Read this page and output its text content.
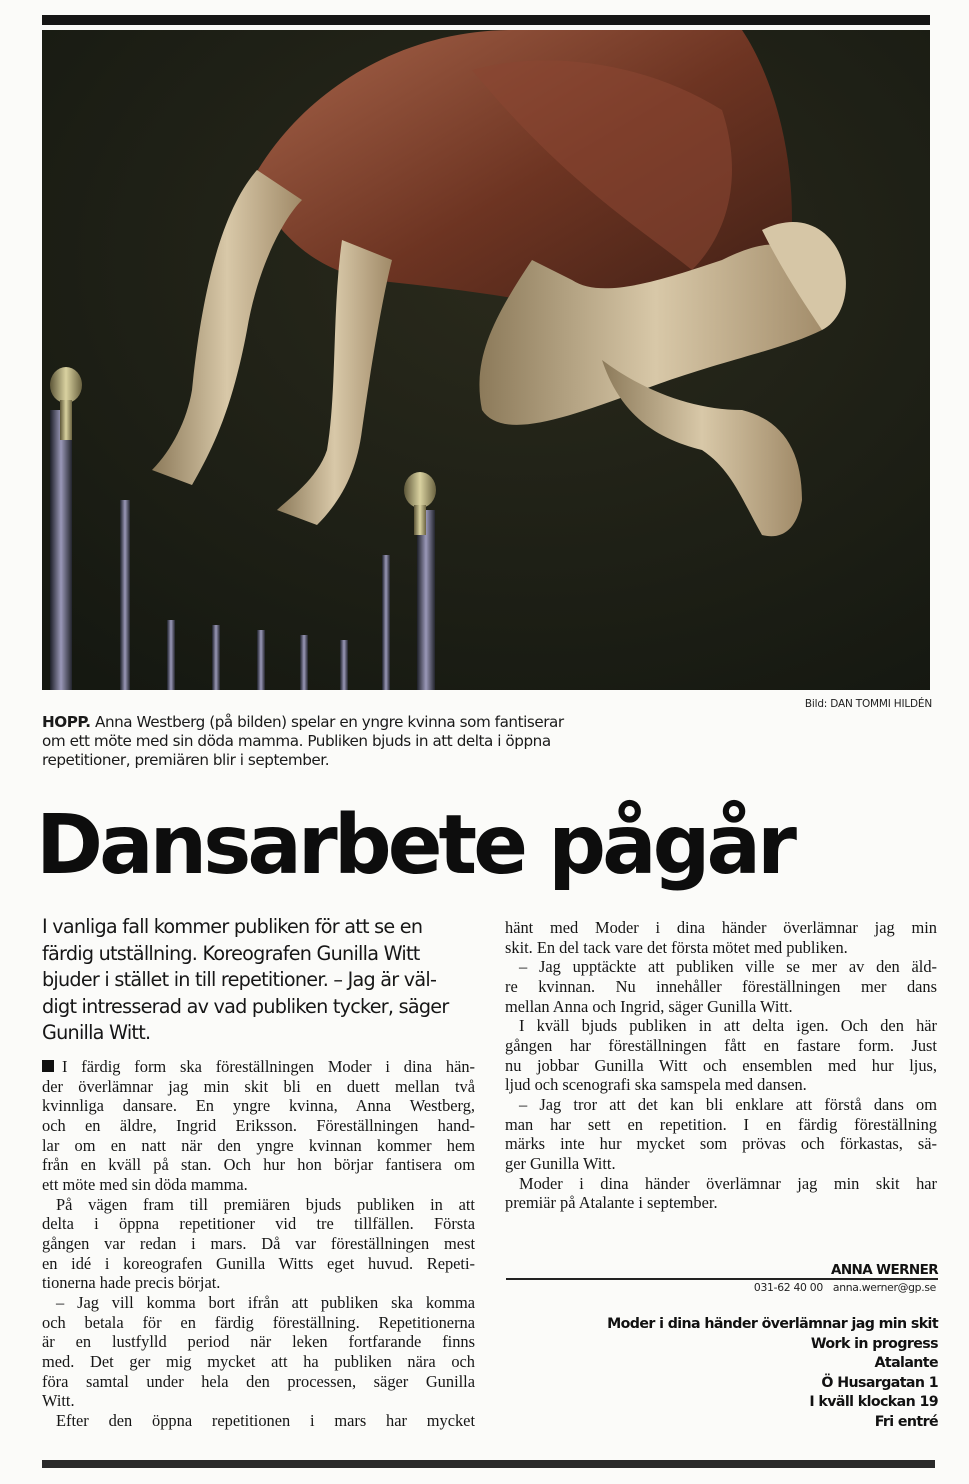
Bild: DAN TOMMI HILDÉN
HOPP. Anna Westberg (på bilden) spelar en yngre kvinna som fantiserar
om ett möte med sin döda mamma. Publiken bjuds in att delta i öppna
repetitioner, premiären blir i september.
Dansarbete pågår
I vanliga fall kommer publiken för att se en
färdig utställning. Koreografen Gunilla Witt
bjuder i stället in till repetitioner. – Jag är väl-
digt intresserad av vad publiken tycker, säger
Gunilla Witt.
I färdig form ska föreställningen Moder i dina hän-
der överlämnar jag min skit bli en duett mellan två
kvinnliga dansare. En yngre kvinna, Anna Westberg,
och en äldre, Ingrid Eriksson. Föreställningen hand-
lar om en natt när den yngre kvinnan kommer hem
från en kväll på stan. Och hur hon börjar fantisera om
ett möte med sin döda mamma.
På vägen fram till premiären bjuds publiken in att
delta i öppna repetitioner vid tre tillfällen. Första
gången var redan i mars. Då var föreställningen mest
en idé i koreografen Gunilla Witts eget huvud. Repeti-
tionerna hade precis börjat.
– Jag vill komma bort ifrån att publiken ska komma
och betala för en färdig föreställning. Repetitionerna
är en lustfylld period när leken fortfarande finns
med. Det ger mig mycket att ha publiken nära och
föra samtal under hela den processen, säger Gunilla
Witt.
Efter den öppna repetitionen i mars har mycket
hänt med Moder i dina händer överlämnar jag min
skit. En del tack vare det första mötet med publiken.
– Jag upptäckte att publiken ville se mer av den äld-
re kvinnan. Nu innehåller föreställningen mer dans
mellan Anna och Ingrid, säger Gunilla Witt.
I kväll bjuds publiken in att delta igen. Och den här
gången har föreställningen fått en fastare form. Just
nu jobbar Gunilla Witt och ensemblen med hur ljus,
ljud och scenografi ska samspela med dansen.
– Jag tror att det kan bli enklare att förstå dans om
man har sett en repetition. I en färdig föreställning
märks inte hur mycket som prövas och förkastas, sä-
ger Gunilla Witt.
Moder i dina händer överlämnar jag min skit har
premiär på Atalante i september.
ANNA WERNER
031-62 40 00 anna.werner@gp.se
Moder i dina händer överlämnar jag min skit
Work in progress
Atalante
Ö Husargatan 1
I kväll klockan 19
Fri entré
